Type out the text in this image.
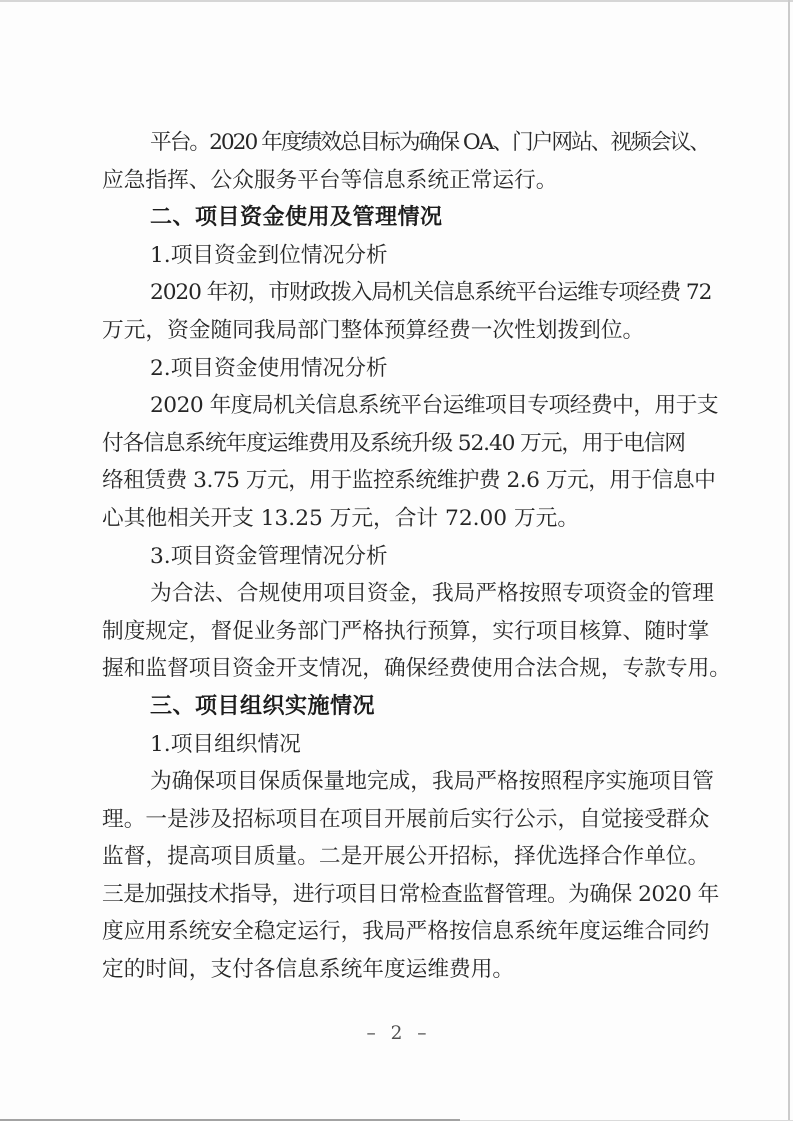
平台。2020 年度绩效总目标为确保 OA、门户网站、视频会议、
应急指挥、公众服务平台等信息系统正常运行。
二、项目资金使用及管理情况
1.项目资金到位情况分析
2020 年初，市财政拨入局机关信息系统平台运维专项经费 72
万元，资金随同我局部门整体预算经费一次性划拨到位。
2.项目资金使用情况分析
2020 年度局机关信息系统平台运维项目专项经费中，用于支
付各信息系统年度运维费用及系统升级 52.40 万元，用于电信网
络租赁费 3.75 万元，用于监控系统维护费 2.6 万元，用于信息中
心其他相关开支 13.25 万元，合计 72.00 万元。
3.项目资金管理情况分析
为合法、合规使用项目资金，我局严格按照专项资金的管理
制度规定，督促业务部门严格执行预算，实行项目核算、随时掌
握和监督项目资金开支情况，确保经费使用合法合规，专款专用。
三、项目组织实施情况
1.项目组织情况
为确保项目保质保量地完成，我局严格按照程序实施项目管
理。一是涉及招标项目在项目开展前后实行公示，自觉接受群众
监督，提高项目质量。二是开展公开招标，择优选择合作单位。
三是加强技术指导，进行项目日常检查监督管理。为确保 2020 年
度应用系统安全稳定运行，我局严格按信息系统年度运维合同约
定的时间，支付各信息系统年度运维费用。
– 2 –
